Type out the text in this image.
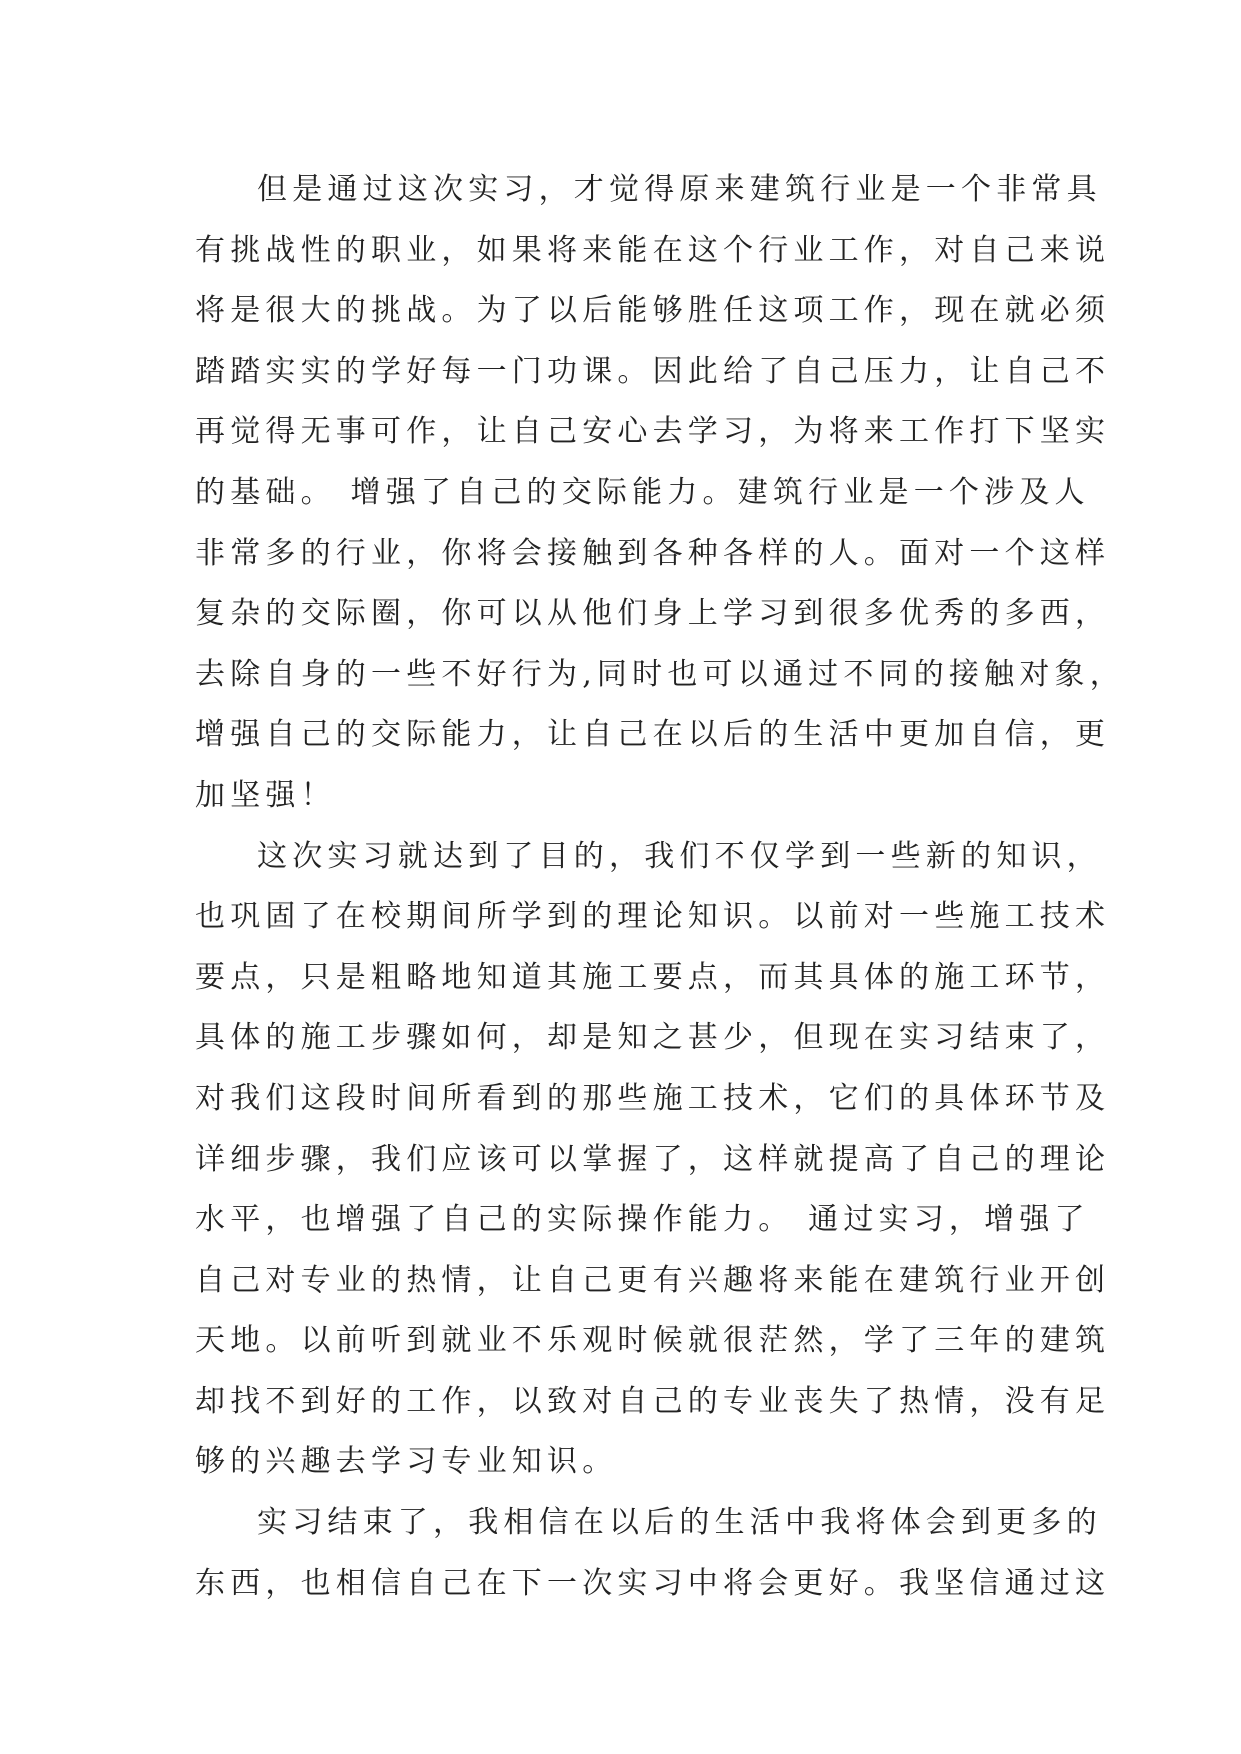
但是通过这次实习，才觉得原来建筑行业是一个非常具
有挑战性的职业，如果将来能在这个行业工作，对自己来说
将是很大的挑战。为了以后能够胜任这项工作，现在就必须
踏踏实实的学好每一门功课。因此给了自己压力，让自己不
再觉得无事可作，让自己安心去学习，为将来工作打下坚实
的基础。 增强了自己的交际能力。建筑行业是一个涉及人
非常多的行业，你将会接触到各种各样的人。面对一个这样
复杂的交际圈，你可以从他们身上学习到很多优秀的多西，
去除自身的一些不好行为,同时也可以通过不同的接触对象，
增强自己的交际能力，让自己在以后的生活中更加自信，更
加坚强！
这次实习就达到了目的，我们不仅学到一些新的知识，
也巩固了在校期间所学到的理论知识。以前对一些施工技术
要点，只是粗略地知道其施工要点，而其具体的施工环节，
具体的施工步骤如何，却是知之甚少，但现在实习结束了，
对我们这段时间所看到的那些施工技术，它们的具体环节及
详细步骤，我们应该可以掌握了，这样就提高了自己的理论
水平，也增强了自己的实际操作能力。 通过实习，增强了
自己对专业的热情，让自己更有兴趣将来能在建筑行业开创
天地。以前听到就业不乐观时候就很茫然，学了三年的建筑
却找不到好的工作，以致对自己的专业丧失了热情，没有足
够的兴趣去学习专业知识。
实习结束了，我相信在以后的生活中我将体会到更多的
东西，也相信自己在下一次实习中将会更好。我坚信通过这
